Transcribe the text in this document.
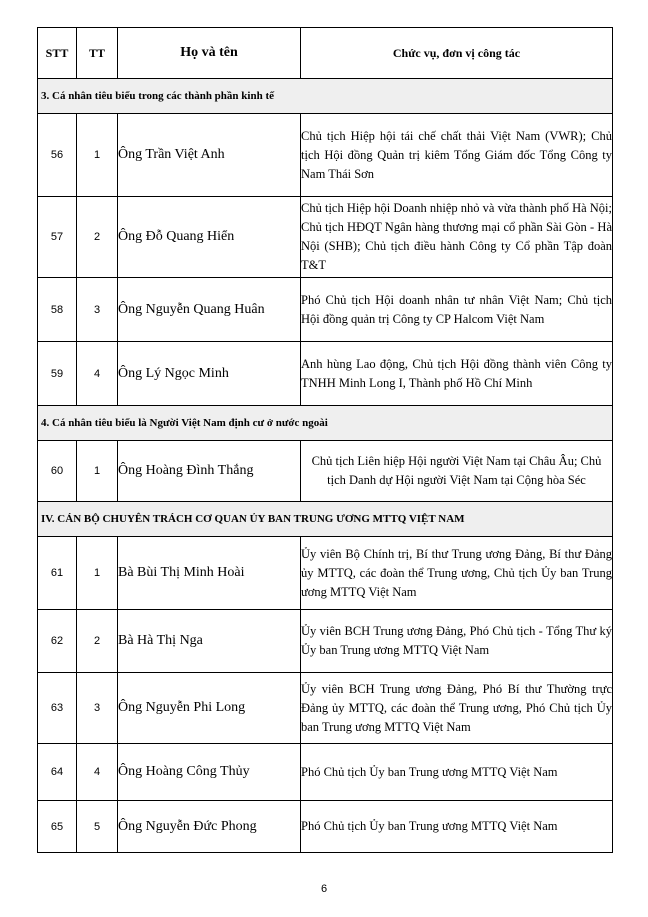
STT	TT	Họ và tên	Chức vụ, đơn vị công tác
3. Cá nhân tiêu biểu trong các thành phần kinh tế			
56	1	Ông Trần Việt Anh	Chủ tịch Hiệp hội tái chế chất thải Việt Nam (VWR); Chủ tịch Hội đồng Quản trị kiêm Tổng Giám đốc Tổng Công ty Nam Thái Sơn
57	2	Ông Đỗ Quang Hiển	Chủ tịch Hiệp hội Doanh nhiệp nhỏ và vừa thành phố Hà Nội; Chủ tịch HĐQT Ngân hàng thương mại cổ phần Sài Gòn - Hà Nội (SHB); Chủ tịch điều hành Công ty Cổ phần Tập đoàn T&T
58	3	Ông Nguyễn Quang Huân	Phó Chủ tịch Hội doanh nhân tư nhân Việt Nam; Chủ tịch Hội đồng quản trị Công ty CP Halcom Việt Nam
59	4	Ông Lý Ngọc Minh	Anh hùng Lao động, Chủ tịch Hội đồng thành viên Công ty TNHH Minh Long I, Thành phố Hồ Chí Minh
4. Cá nhân tiêu biểu là Người Việt Nam định cư ở nước ngoài			
60	1	Ông Hoàng Đình Thắng	Chủ tịch Liên hiệp Hội người Việt Nam tại Châu Âu; Chủ tịch Danh dự Hội người Việt Nam tại Cộng hòa Séc
IV. CÁN BỘ CHUYÊN TRÁCH CƠ QUAN ỦY BAN TRUNG ƯƠNG MTTQ VIỆT NAM			
61	1	Bà Bùi Thị Minh Hoài	Ủy viên Bộ Chính trị, Bí thư Trung ương Đảng, Bí thư Đảng ủy MTTQ, các đoàn thể Trung ương, Chủ tịch Ủy ban Trung ương MTTQ Việt Nam
62	2	Bà Hà Thị Nga	Ủy viên BCH Trung ương Đảng, Phó Chủ tịch - Tổng Thư ký Ủy ban Trung ương MTTQ Việt Nam
63	3	Ông Nguyễn Phi Long	Ủy viên BCH Trung ương Đảng, Phó Bí thư Thường trực Đảng ủy MTTQ, các đoàn thể Trung ương, Phó Chủ tịch Ủy ban Trung ương MTTQ Việt Nam
64	4	Ông Hoàng Công Thủy	Phó Chủ tịch Ủy ban Trung ương MTTQ Việt Nam
65	5	Ông Nguyễn Đức Phong	Phó Chủ tịch Ủy ban Trung ương MTTQ Việt Nam
6
